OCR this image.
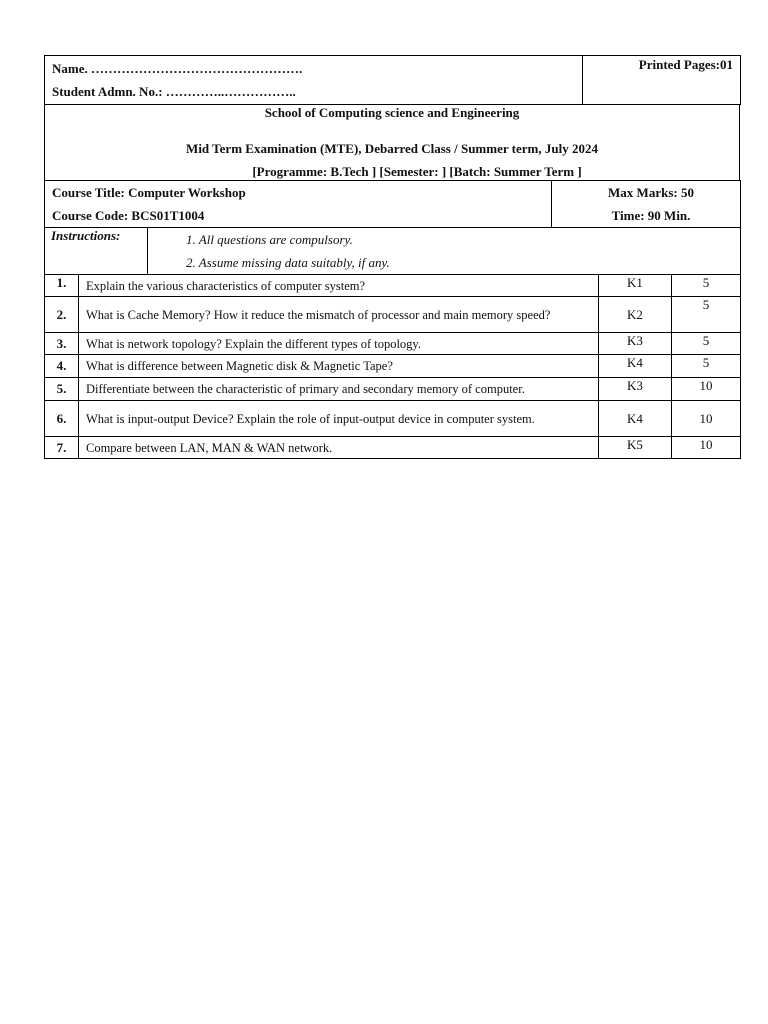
Name. ………………………………………….
Student Admn. No.: …………..……………..
	Printed Pages:01
School of Computing science and Engineering
Mid Term Examination (MTE), Debarred Class / Summer term, July 2024
[Programme: B.Tech ] [Semester: ] [Batch: Summer Term ]
Course Title: Computer Workshop
Course Code: BCS01T1004

Max Marks: 50
Time: 90 Min.
Instructions:	1. All questions are compulsory.
2. Assume missing data suitably, if any.
1.	Explain the various characteristics of computer system?	K1	5
2.	What is Cache Memory? How it reduce the mismatch of processor and main memory speed?	K2	5
3.	What is network topology? Explain the different types of topology.	K3	5
4.	What is difference between Magnetic disk & Magnetic Tape?	K4	5
5.	Differentiate between the characteristic of primary and secondary memory of computer.	K3	10
6.	What is input-output Device? Explain the role of input-output device in computer system.	K4	10
7.	Compare between LAN, MAN & WAN network.	K5	10
